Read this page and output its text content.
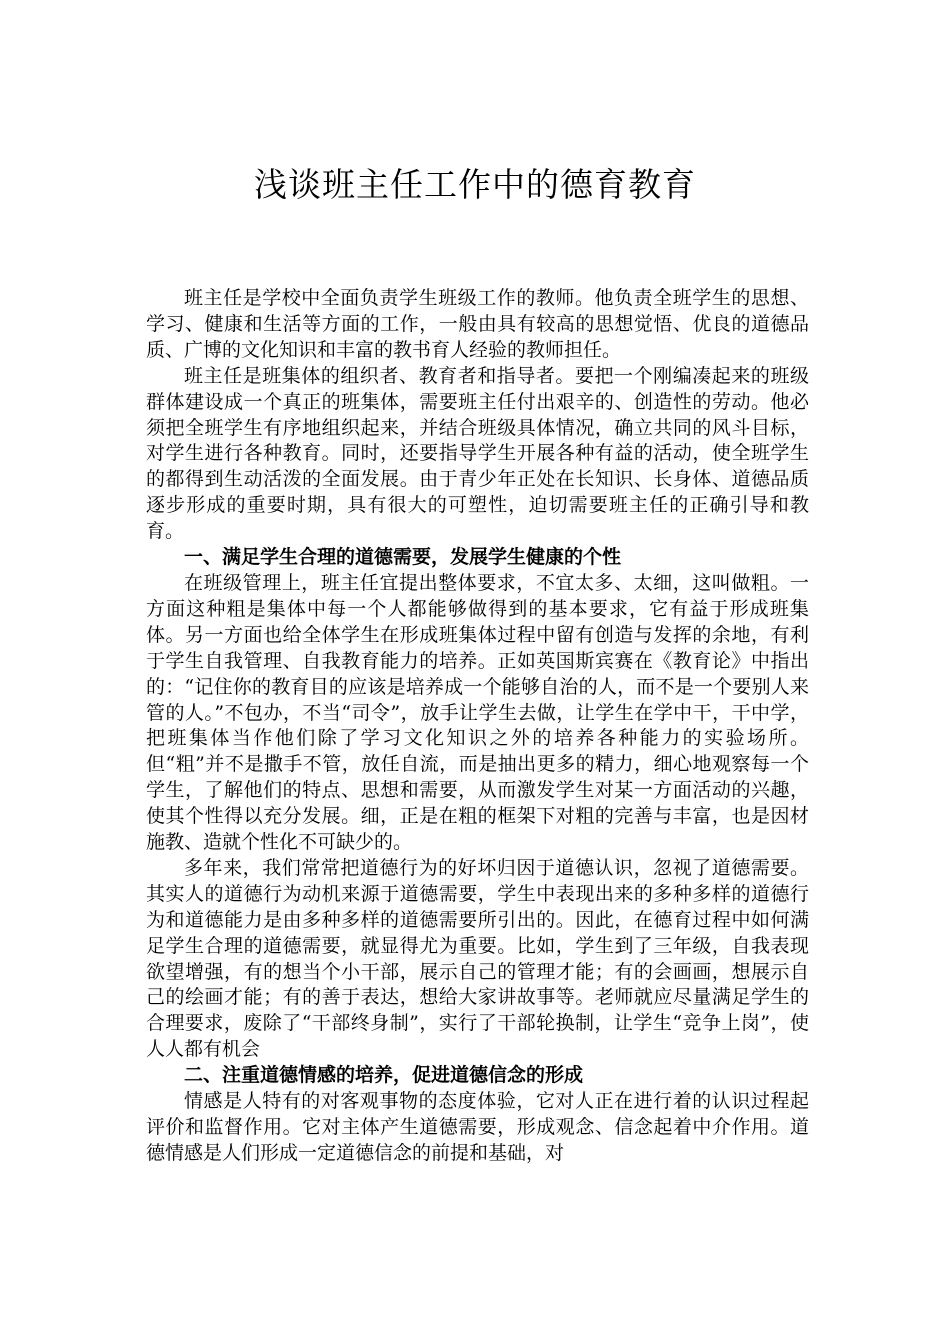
浅谈班主任工作中的德育教育

班主任是学校中全面负责学生班级工作的教师。他负责全班学生的思想、学习、健康和生活等方面的工作，一般由具有较高的思想觉悟、优良的道德品质、广博的文化知识和丰富的教书育人经验的教师担任。

班主任是班集体的组织者、教育者和指导者。要把一个刚编凑起来的班级群体建设成一个真正的班集体，需要班主任付出艰辛的、创造性的劳动。他必须把全班学生有序地组织起来，并结合班级具体情况，确立共同的风斗目标，对学生进行各种教育。同时，还要指导学生开展各种有益的活动，使全班学生的都得到生动活泼的全面发展。由于青少年正处在长知识、长身体、道德品质逐步形成的重要时期，具有很大的可塑性，迫切需要班主任的正确引导和教育。

一、满足学生合理的道德需要，发展学生健康的个性

在班级管理上，班主任宜提出整体要求，不宜太多、太细，这叫做粗。一方面这种粗是集体中每一个人都能够做得到的基本要求，它有益于形成班集体。另一方面也给全体学生在形成班集体过程中留有创造与发挥的余地，有利于学生自我管理、自我教育能力的培养。正如英国斯宾赛在《教育论》中指出的：“记住你的教育目的应该是培养成一个能够自治的人，而不是一个要别人来管的人。”不包办，不当“司令”，放手让学生去做，让学生在学中干，干中学，把班集体当作他们除了学习文化知识之外的培养各种能力的实验场所。但“粗”并不是撒手不管，放任自流，而是抽出更多的精力，细心地观察每一个学生，了解他们的特点、思想和需要，从而激发学生对某一方面活动的兴趣，使其个性得以充分发展。细，正是在粗的框架下对粗的完善与丰富，也是因材施教、造就个性化不可缺少的。

多年来，我们常常把道德行为的好坏归因于道德认识，忽视了道德需要。其实人的道德行为动机来源于道德需要，学生中表现出来的多种多样的道德行为和道德能力是由多种多样的道德需要所引出的。因此，在德育过程中如何满足学生合理的道德需要，就显得尤为重要。比如，学生到了三年级，自我表现欲望增强，有的想当个小干部，展示自己的管理才能；有的会画画，想展示自己的绘画才能；有的善于表达，想给大家讲故事等。老师就应尽量满足学生的合理要求，废除了“干部终身制”，实行了干部轮换制，让学生“竞争上岗”，使人人都有机会

二、注重道德情感的培养，促进道德信念的形成

情感是人特有的对客观事物的态度体验，它对人正在进行着的认识过程起评价和监督作用。它对主体产生道德需要，形成观念、信念起着中介作用。道德情感是人们形成一定道德信念的前提和基础，对
